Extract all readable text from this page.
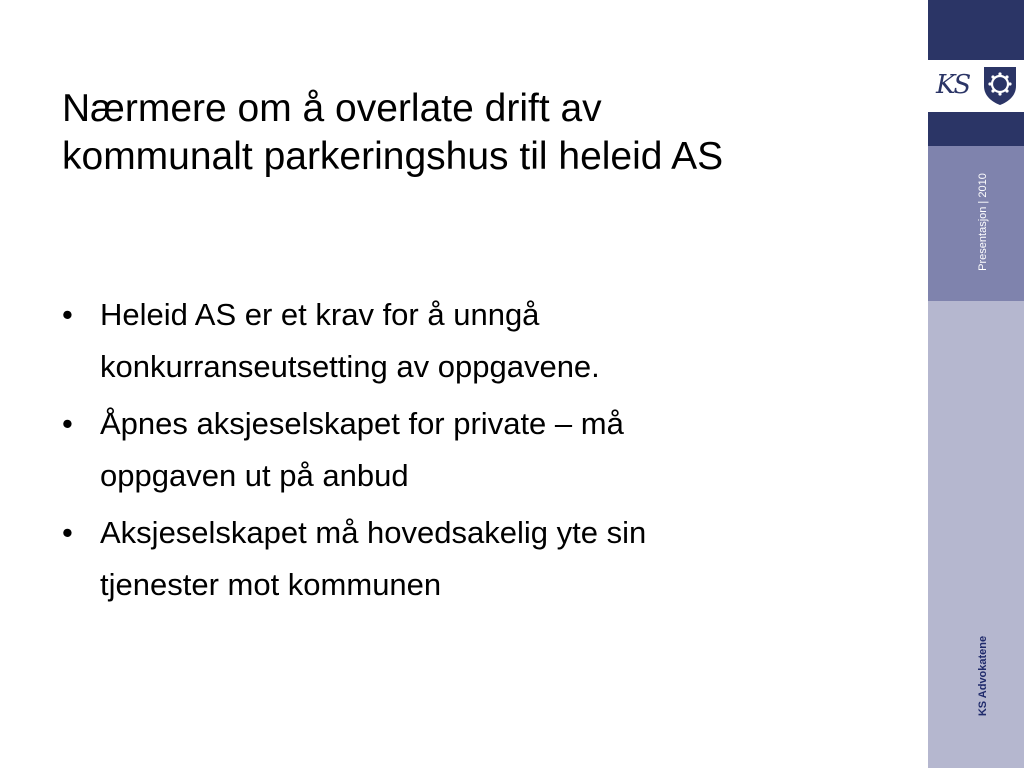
Nærmere om å overlate drift av
kommunalt parkeringshus til heleid AS
• Heleid AS er et krav for å unngå
konkurranseutsetting av oppgavene.
• Åpnes aksjeselskapet for private – må
oppgaven ut på anbud
• Aksjeselskapet må hovedsakelig yte sin
tjenester mot kommunen
KS
Presentasjon | 2010
KS Advokatene
